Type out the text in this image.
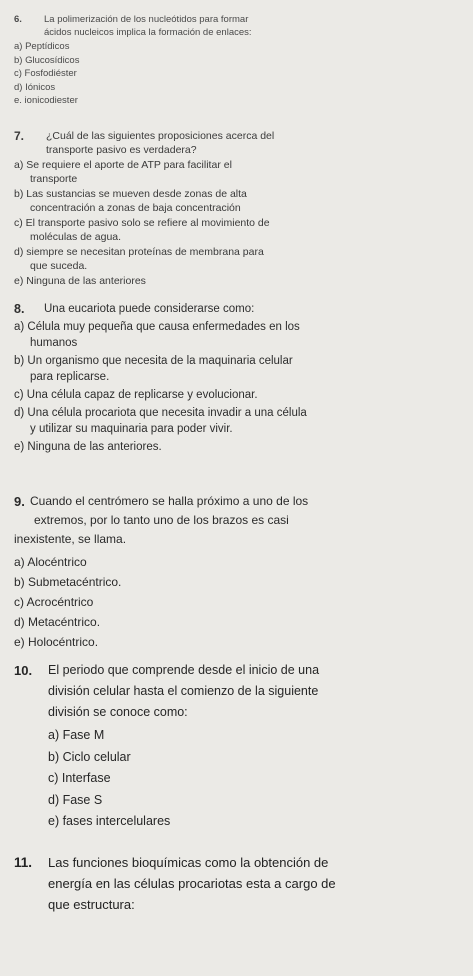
6.	La polimerización de los nucleótidos para formar
ácidos nucleicos implica la formación de enlaces:
a) Peptídicos
b) Glucosídicos
c) Fosfodiéster
d) Iónicos
e. ionicodiester
7.	¿Cuál de las siguientes proposiciones acerca del
transporte pasivo es verdadera?
a) Se requiere el aporte de ATP para facilitar el
transporte
b) Las sustancias se mueven desde zonas de alta
concentración a zonas de baja concentración
c) El transporte pasivo solo se refiere al movimiento de
moléculas de agua.
d) siempre se necesitan proteínas de membrana para
que suceda.
e) Ninguna de las anteriores
8.	Una eucariota puede considerarse como:
a) Célula muy pequeña que causa enfermedades en los
humanos
b) Un organismo que necesita de la maquinaria celular
para replicarse.
c) Una célula capaz de replicarse y evolucionar.
d) Una célula procariota que necesita invadir a una célula
y utilizar su maquinaria para poder vivir.
e) Ninguna de las anteriores.
9. Cuando el centrómero se halla próximo a uno de los
extremos, por lo tanto uno de los brazos es casi
inexistente, se llama.
a) Alocéntrico
b) Submetacéntrico.
c) Acrocéntrico
d) Metacéntrico.
e) Holocéntrico.
10.	El periodo que comprende desde el inicio de una
división celular hasta el comienzo de la siguiente
división se conoce como:
a) Fase M
b) Ciclo celular
c) Interfase
d) Fase S
e) fases intercelulares
11.	Las funciones bioquímicas como la obtención de
energía en las células procariotas esta a cargo de
que estructura:
